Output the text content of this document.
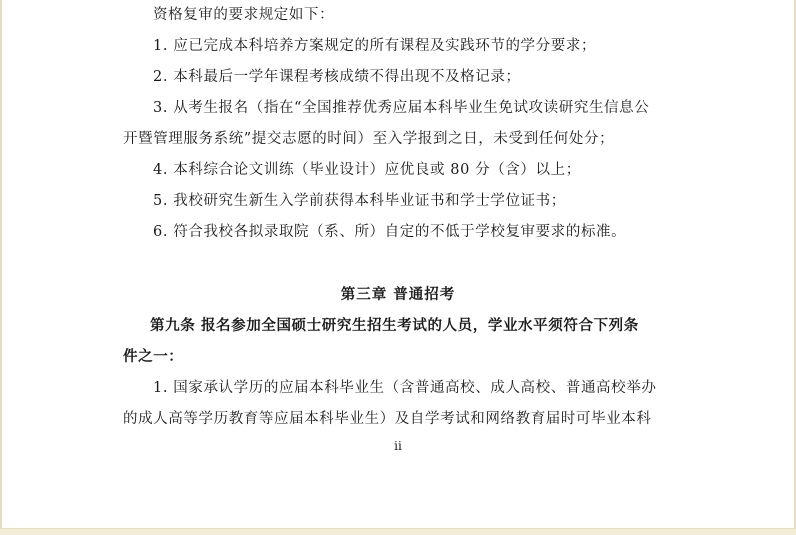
资格复审的要求规定如下：
1. 应已完成本科培养方案规定的所有课程及实践环节的学分要求；
2. 本科最后一学年课程考核成绩不得出现不及格记录；
3. 从考生报名（指在“全国推荐优秀应届本科毕业生免试攻读研究生信息公
开暨管理服务系统”提交志愿的时间）至入学报到之日，未受到任何处分；
4. 本科综合论文训练（毕业设计）应优良或 80 分（含）以上；
5. 我校研究生新生入学前获得本科毕业证书和学士学位证书；
6. 符合我校各拟录取院（系、所）自定的不低于学校复审要求的标准。
第三章 普通招考
第九条 报名参加全国硕士研究生招生考试的人员，学业水平须符合下列条
件之一：
1. 国家承认学历的应届本科毕业生（含普通高校、成人高校、普通高校举办
的成人高等学历教育等应届本科毕业生）及自学考试和网络教育届时可毕业本科
ii
